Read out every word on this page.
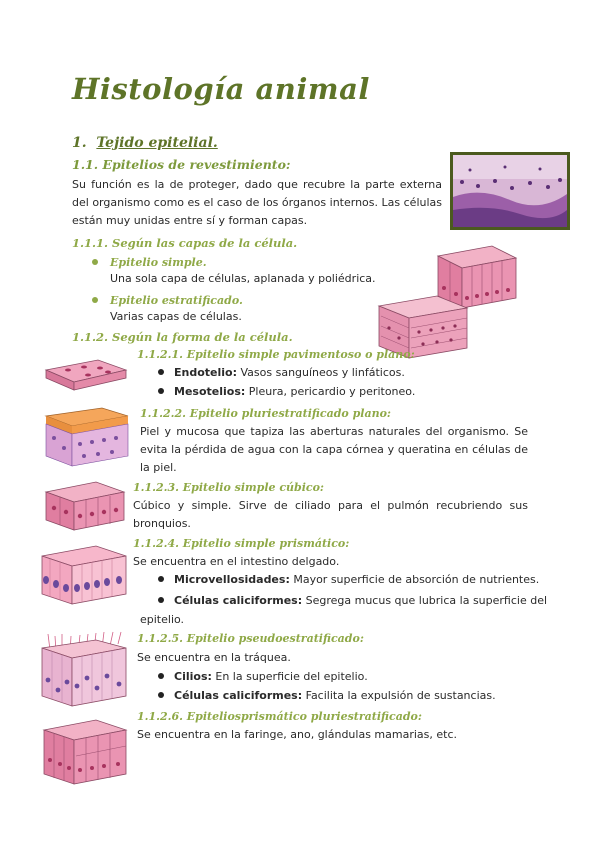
Histología animal
1. Tejido epitelial.
1.1. Epitelios de revestimiento:
Su función es la de proteger, dado que recubre la parte externa del organismo como es el caso de los órganos internos. Las células están muy unidas entre sí y forman capas.
1.1.1. Según las capas de la célula.
Epitelio simple.
Una sola capa de células, aplanada y poliédrica.
Epitelio estratificado.
Varias capas de células.
1.1.2. Según la forma de la célula.
1.1.2.1. Epitelio simple pavimentoso o plano:
Endotelio: Vasos sanguíneos y linfáticos.
Mesotelios: Pleura, pericardio y peritoneo.
1.1.2.2. Epitelio pluriestratificado plano:
Piel y mucosa que tapiza las aberturas naturales del organismo. Se evita la pérdida de agua con la capa córnea y queratina en células de la piel.
1.1.2.3. Epitelio simple cúbico:
Cúbico y simple. Sirve de ciliado para el pulmón recubriendo sus bronquios.
1.1.2.4. Epitelio simple prismático:
Se encuentra en el intestino delgado.
Microvellosidades: Mayor superficie de absorción de nutrientes.
Células caliciformes: Segrega mucus que lubrica la superficie del
epitelio.
1.1.2.5. Epitelio pseudoestratificado:
Se encuentra en la tráquea.
Cilios: En la superficie del epitelio.
Células caliciformes: Facilita la expulsión de sustancias.
1.1.2.6. Epiteliosprismático pluriestratificado:
Se encuentra en la faringe, ano, glándulas mamarias, etc.
